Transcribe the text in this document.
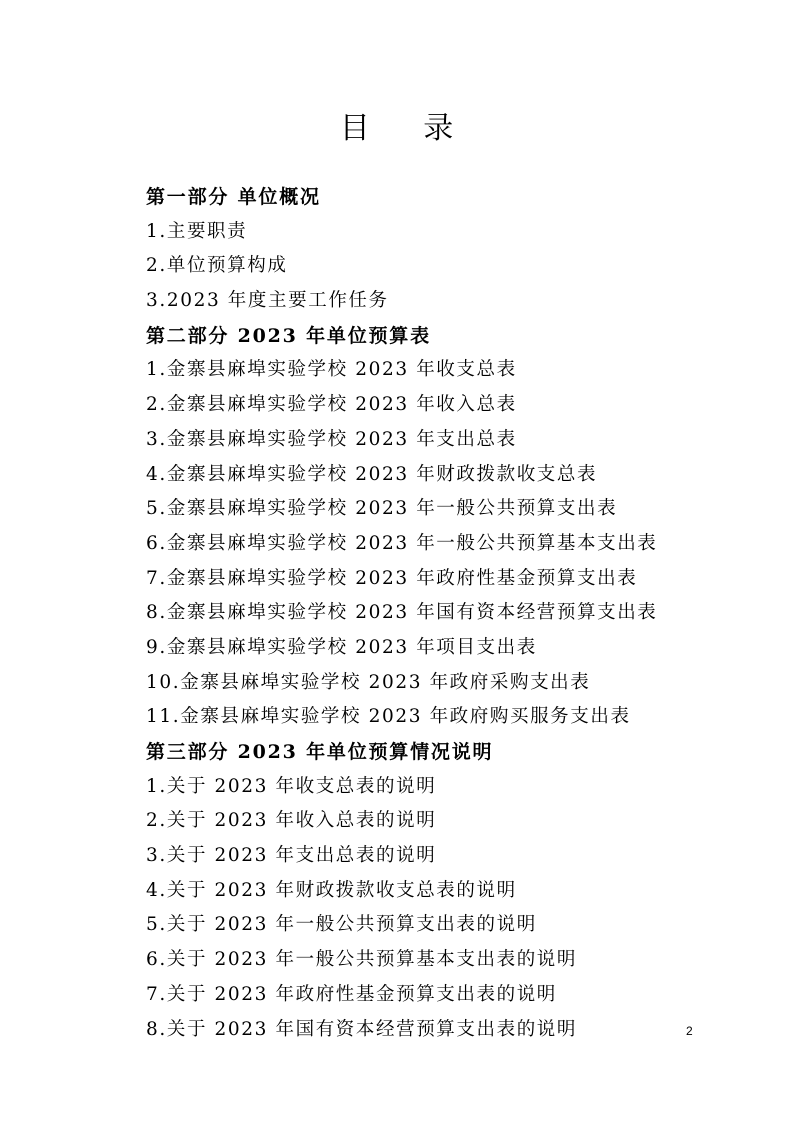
目 录
第一部分 单位概况
1.主要职责
2.单位预算构成
3.2023 年度主要工作任务
第二部分 2023 年单位预算表
1.金寨县麻埠实验学校 2023 年收支总表
2.金寨县麻埠实验学校 2023 年收入总表
3.金寨县麻埠实验学校 2023 年支出总表
4.金寨县麻埠实验学校 2023 年财政拨款收支总表
5.金寨县麻埠实验学校 2023 年一般公共预算支出表
6.金寨县麻埠实验学校 2023 年一般公共预算基本支出表
7.金寨县麻埠实验学校 2023 年政府性基金预算支出表
8.金寨县麻埠实验学校 2023 年国有资本经营预算支出表
9.金寨县麻埠实验学校 2023 年项目支出表
10.金寨县麻埠实验学校 2023 年政府采购支出表
11.金寨县麻埠实验学校 2023 年政府购买服务支出表
第三部分 2023 年单位预算情况说明
1.关于 2023 年收支总表的说明
2.关于 2023 年收入总表的说明
3.关于 2023 年支出总表的说明
4.关于 2023 年财政拨款收支总表的说明
5.关于 2023 年一般公共预算支出表的说明
6.关于 2023 年一般公共预算基本支出表的说明
7.关于 2023 年政府性基金预算支出表的说明
8.关于 2023 年国有资本经营预算支出表的说明	2
